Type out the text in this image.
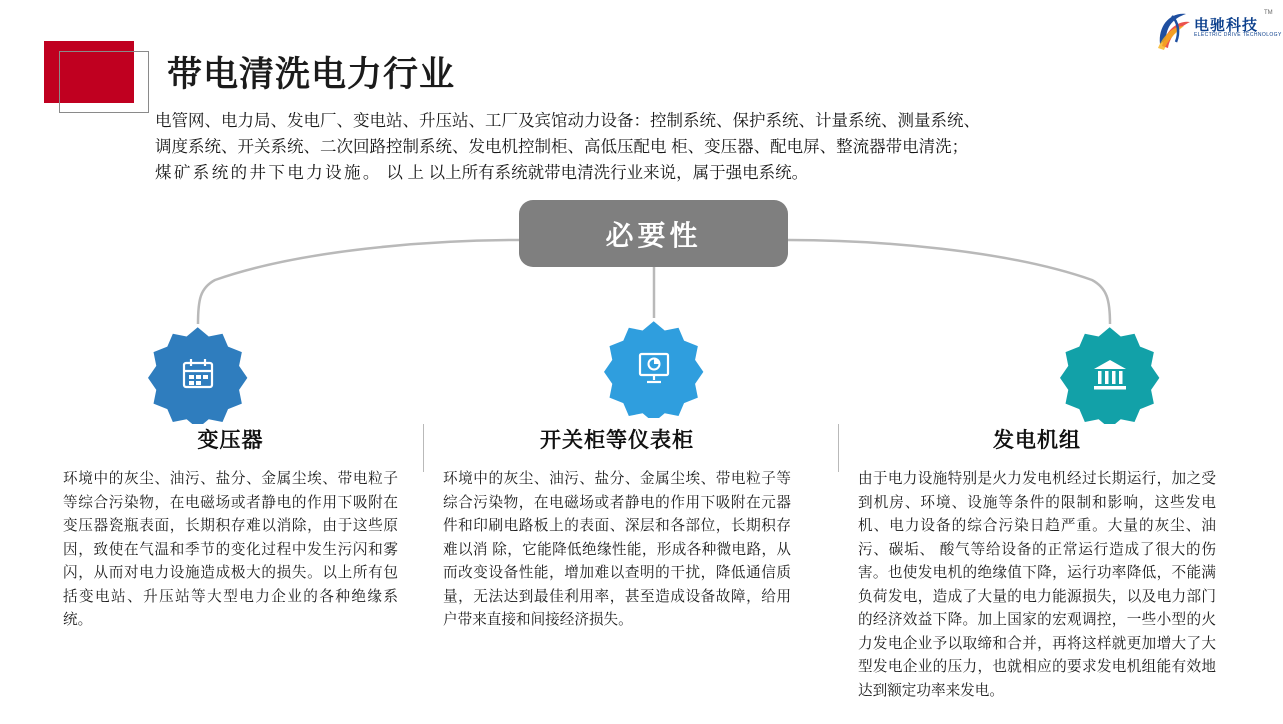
电驰科技
ELECTRIC DRIVE TECHNOLOGY
TM
带电清洗电力行业
电管网、电力局、发电厂、变电站、升压站、工厂及宾馆动力设备：控制系统、保护系统、计量系统、测量系统、
调度系统、开关系统、二次回路控制系统、发电机控制柜、高低压配电 柜、变压器、配电屏、整流器带电清洗；
煤矿系统的井下电力设施。 以 上 以上所有系统就带电清洗行业来说，属于强电系统。
必要性
变压器

环境中的灰尘、油污、盐分、金属尘埃、带电粒子等综合污染物，在电磁场或者静电的作用下吸附在变压器瓷瓶表面，长期积存难以消除，由于这些原因，致使在气温和季节的变化过程中发生污闪和雾闪，从而对电力设施造成极大的损失。以上所有包括变电站、升压站等大型电力企业的各种绝缘系统。

开关柜等仪表柜

环境中的灰尘、油污、盐分、金属尘埃、带电粒子等综合污染物，在电磁场或者静电的作用下吸附在元器件和印刷电路板上的表面、深层和各部位，长期积存难以消 除，它能降低绝缘性能，形成各种微电路，从而改变设备性能，增加难以查明的干扰，降低通信质量，无法达到最佳利用率，甚至造成设备故障，给用户带来直接和间接经济损失。

发电机组

由于电力设施特别是火力发电机经过长期运行，加之受到机房、环境、设施等条件的限制和影响，这些发电机、电力设备的综合污染日趋严重。大量的灰尘、油污、碳垢、 酸气等给设备的正常运行造成了很大的伤害。也使发电机的绝缘值下降，运行功率降低，不能满负荷发电，造成了大量的电力能源损失，以及电力部门的经济效益下降。加上国家的宏观调控，一些小型的火力发电企业予以取缔和合并，再将这样就更加增大了大型发电企业的压力，也就相应的要求发电机组能有效地达到额定功率来发电。
